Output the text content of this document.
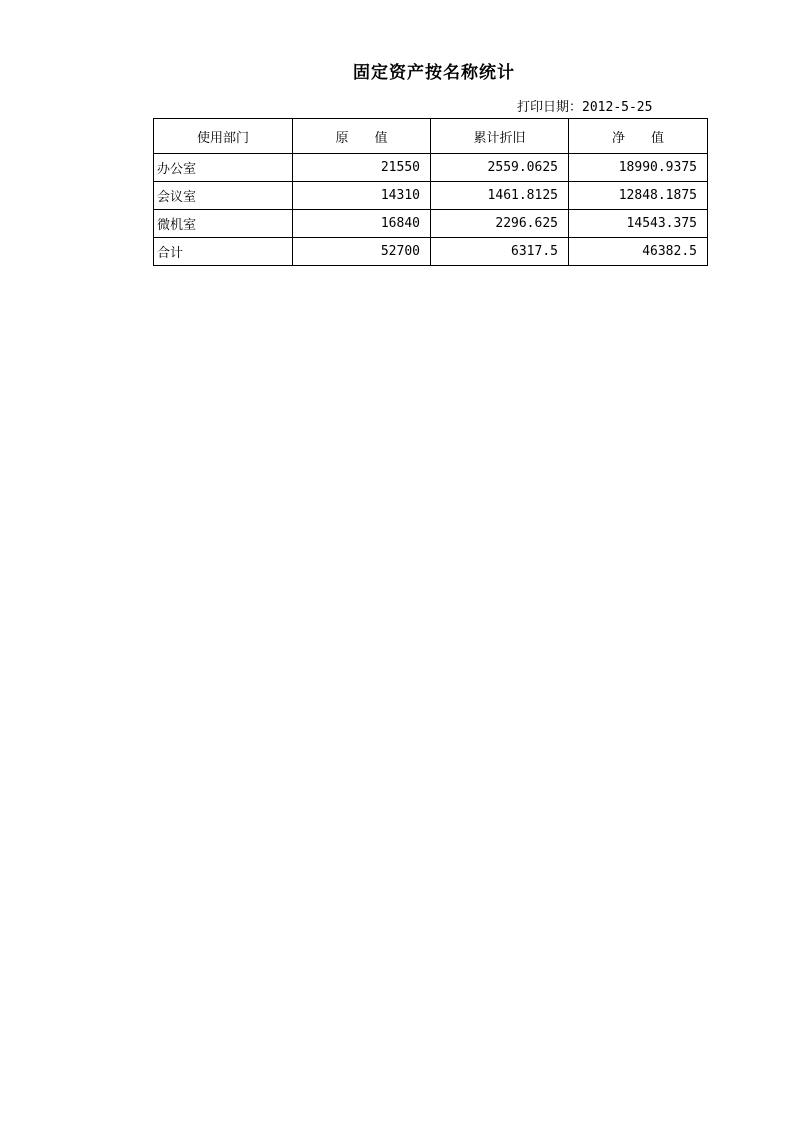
固定资产按名称统计
打印日期：2012-5-25
使用部门	原　　值	累计折旧	净　　值
办公室	21550	2559.0625	18990.9375
会议室	14310	1461.8125	12848.1875
微机室	16840	2296.625	14543.375
合计	52700	6317.5	46382.5
